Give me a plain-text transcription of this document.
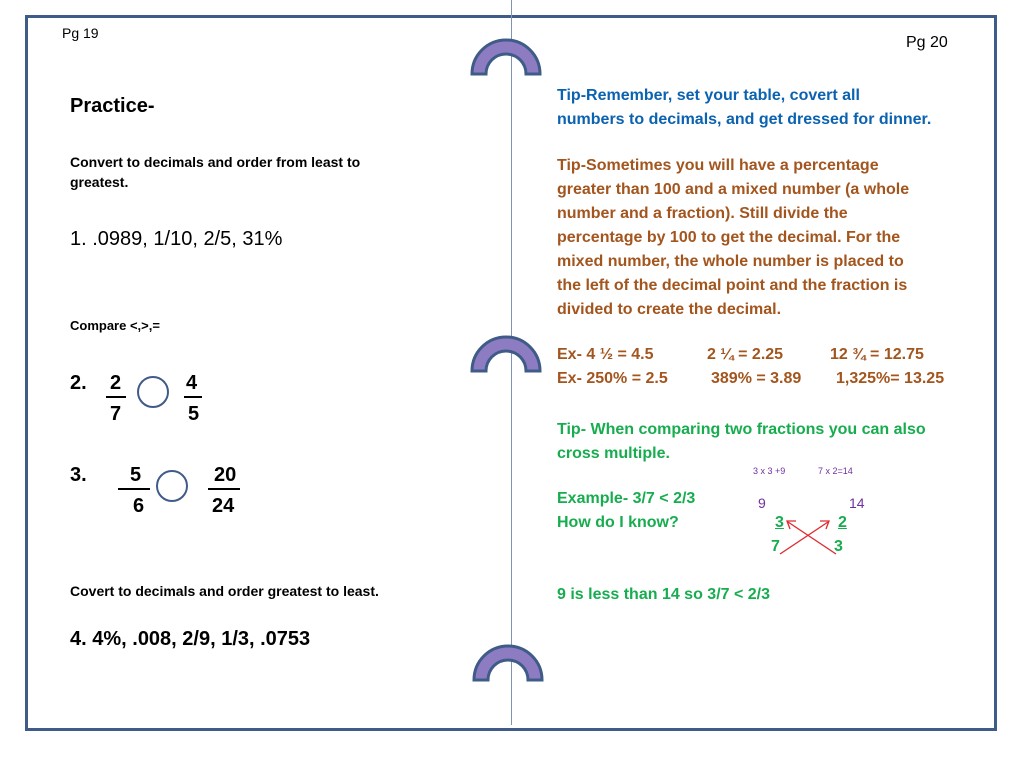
Pg 19
Practice-
Convert to decimals and order from least to greatest.
1. .0989, 1/10, 2/5, 31%
Compare <,>,=
2. 2
7
4
5
3. 5
6
20
24
Covert to decimals and order greatest to least.
4. 4%, .008, 2/9, 1/3, .0753
Pg 20
Tip-Remember, set your table, covert all
numbers to decimals, and get dressed for dinner.
Tip-Sometimes you will have a percentage
greater than 100 and a mixed number (a whole
number and a fraction). Still divide the
percentage by 100 to get the decimal. For the
mixed number, the whole number is placed to
the left of the decimal point and the fraction is
divided to create the decimal.
Ex- 4 ½ = 4.5	2 ¼ = 2.25	12 ¾ = 12.75
Ex- 250% = 2.5	389% = 3.89 1,325%= 13.25
Tip- When comparing two fractions you can also
cross multiple.
3 x 3 +9	7 x 2=14
9	14
Example- 3/7 < 2/3
How do I know?	3
7
2
3
9 is less than 14 so 3/7 < 2/3
